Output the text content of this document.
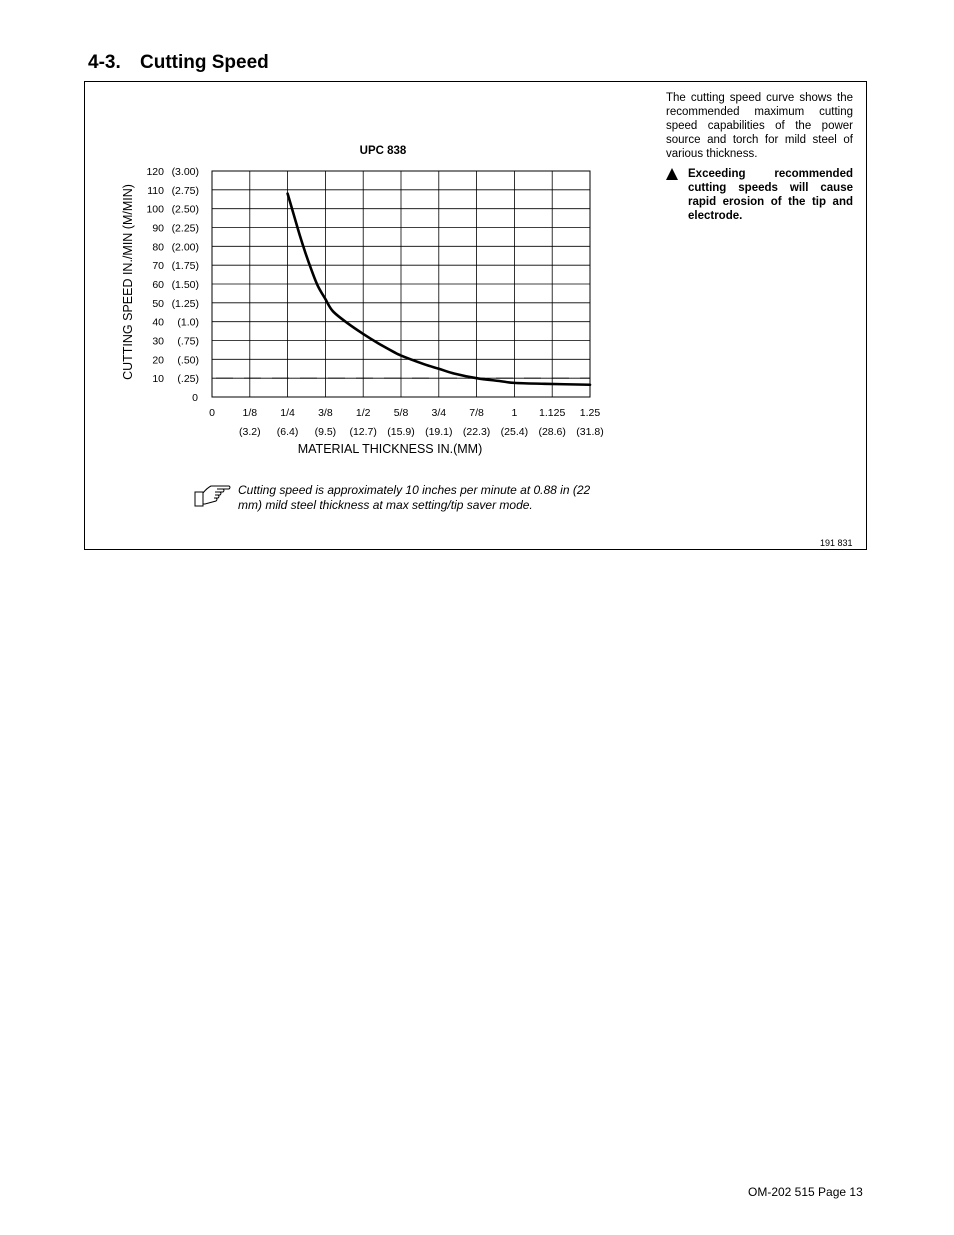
4-3. Cutting Speed
UPC 838
0
10 (.25)
20 (.50)
30 (.75)
40 (1.0)
50 (1.25)
60 (1.50)
70 (1.75)
80 (2.00)
90 (2.25)
100 (2.50)
110 (2.75)
120 (3.00)
0	1/8
(3.2)
1/4
(6.4)
3/8
(9.5)
1/2
(12.7)
5/8
(15.9)
3/4
(19.1)
7/8
(22.3)
1
(25.4)
1.125
(28.6)
1.25
(31.8)
MATERIAL THICKNESS IN.(MM)
CUTTING SPEED IN./MIN (M/MIN)

The cutting speed curve shows the recommended maximum cutting speed capabilities of the power source and torch for mild steel of various thickness.

Exceeding recommended cutting speeds will cause rapid erosion of the tip and electrode.
Cutting speed is approximately 10 inches per minute at 0.88 in (22 mm) mild steel thickness at max setting/tip saver mode.
191 831
OM-202 515 Page 13
